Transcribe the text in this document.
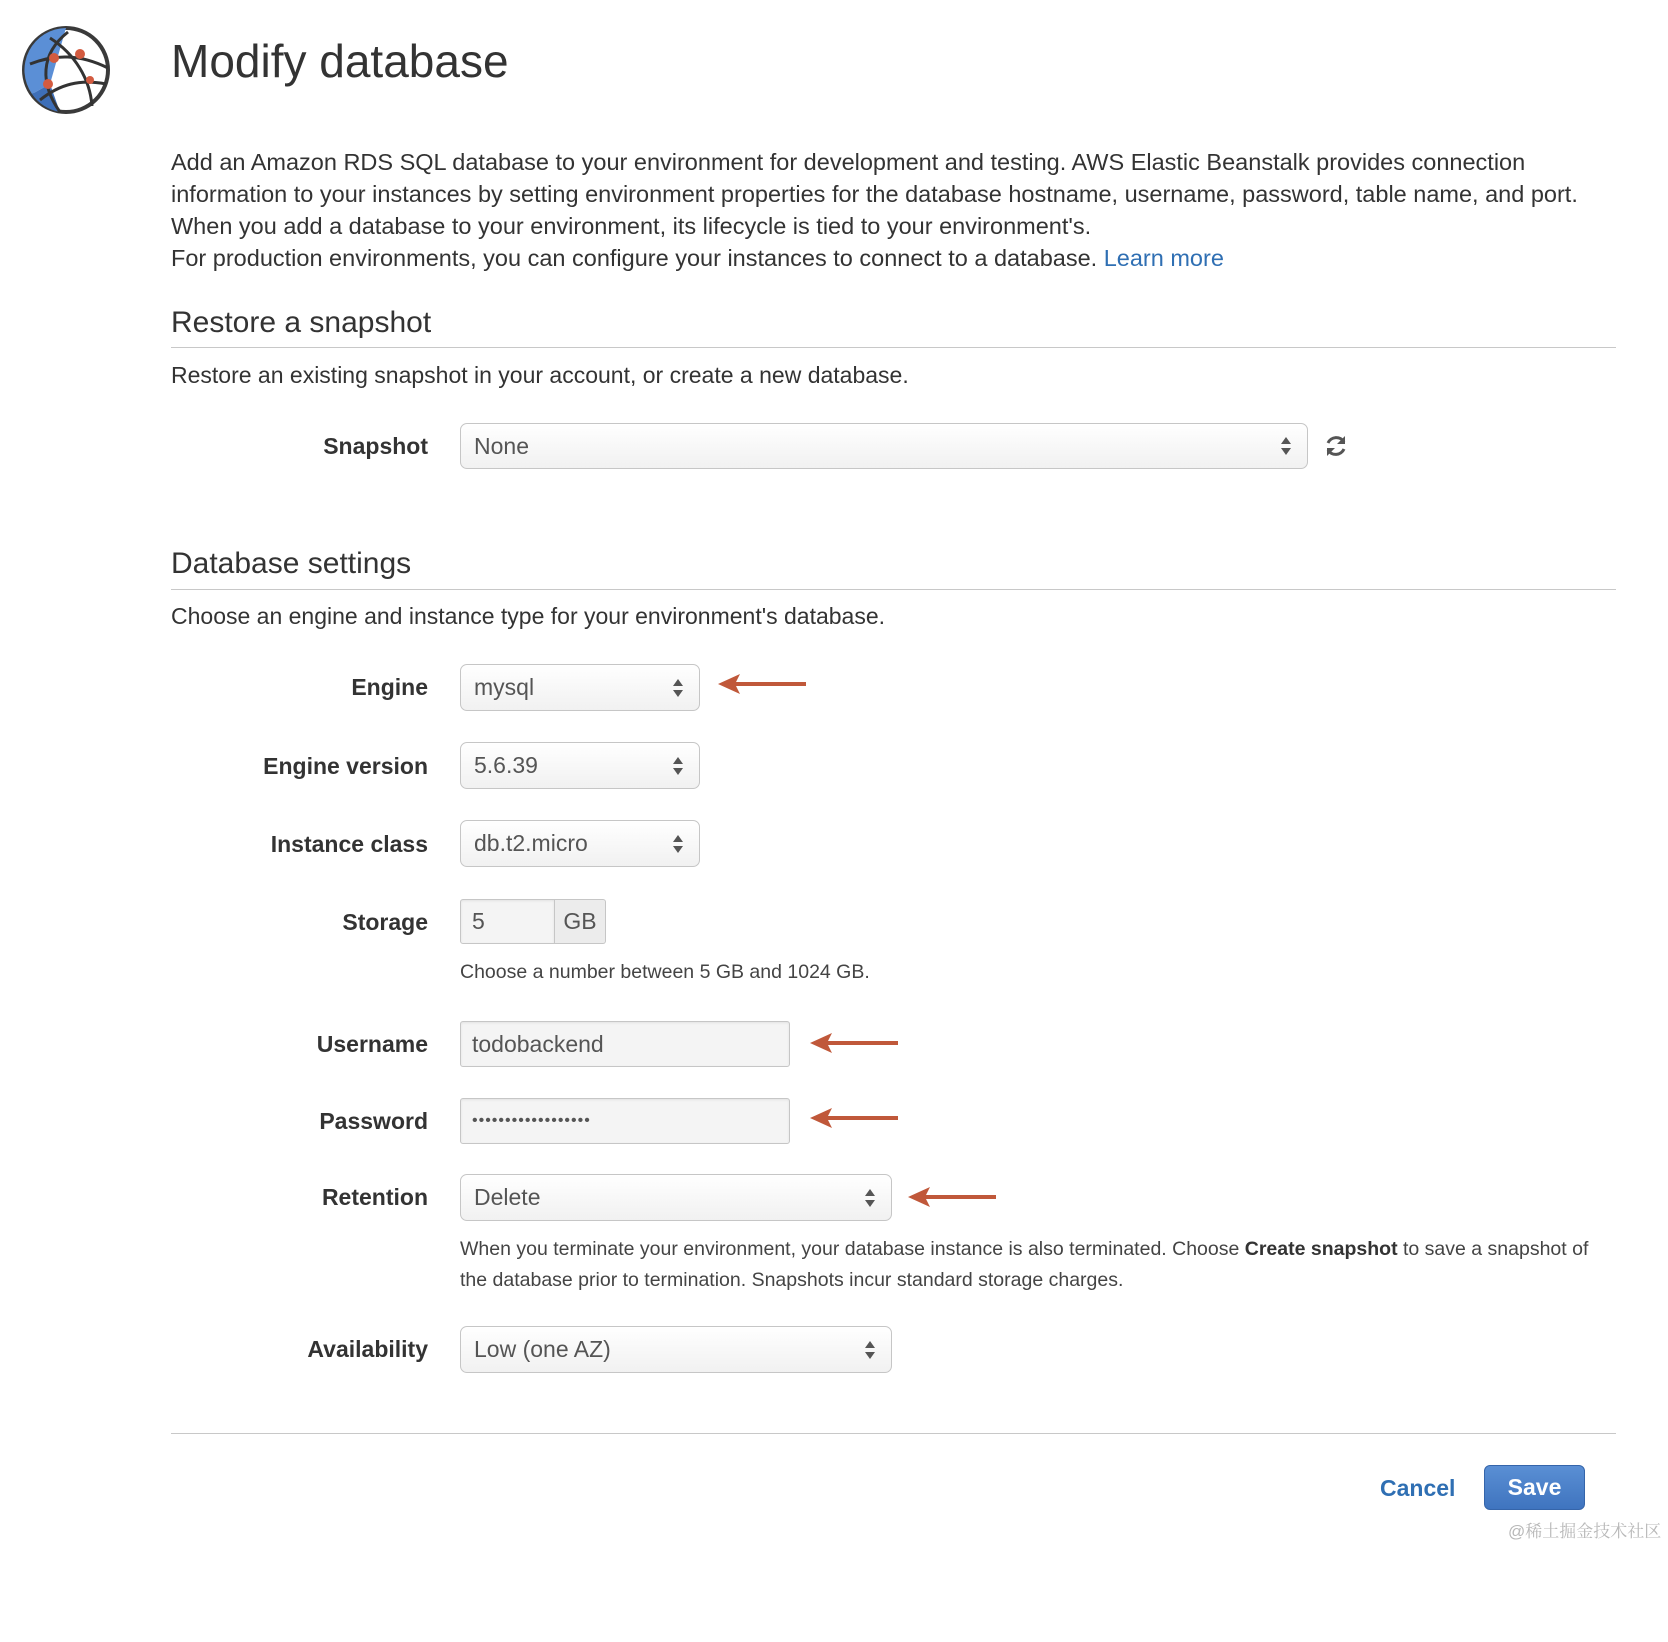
Modify database

Add an Amazon RDS SQL database to your environment for development and testing. AWS Elastic Beanstalk provides connection information to your instances by setting environment properties for the database hostname, username, password, table name, and port. When you add a database to your environment, its lifecycle is tied to your environment's.

For production environments, you can configure your instances to connect to a database. Learn more

Restore a snapshot
Restore an existing snapshot in your account, or create a new database.
Snapshot None
Database settings
Choose an engine and instance type for your environment's database.
Engine mysql
Engine version 5.6.39
Instance class db.t2.micro
Storage 5	GB
Choose a number between 5 GB and 1024 GB.
Username todobackend
Password	••••••••••••••••••
Retention Delete
When you terminate your environment, your database instance is also terminated. Choose Create snapshot to save a snapshot of the database prior to termination. Snapshots incur standard storage charges.
Availability Low (one AZ)
Cancel	Save
@稀土掘金技术社区
